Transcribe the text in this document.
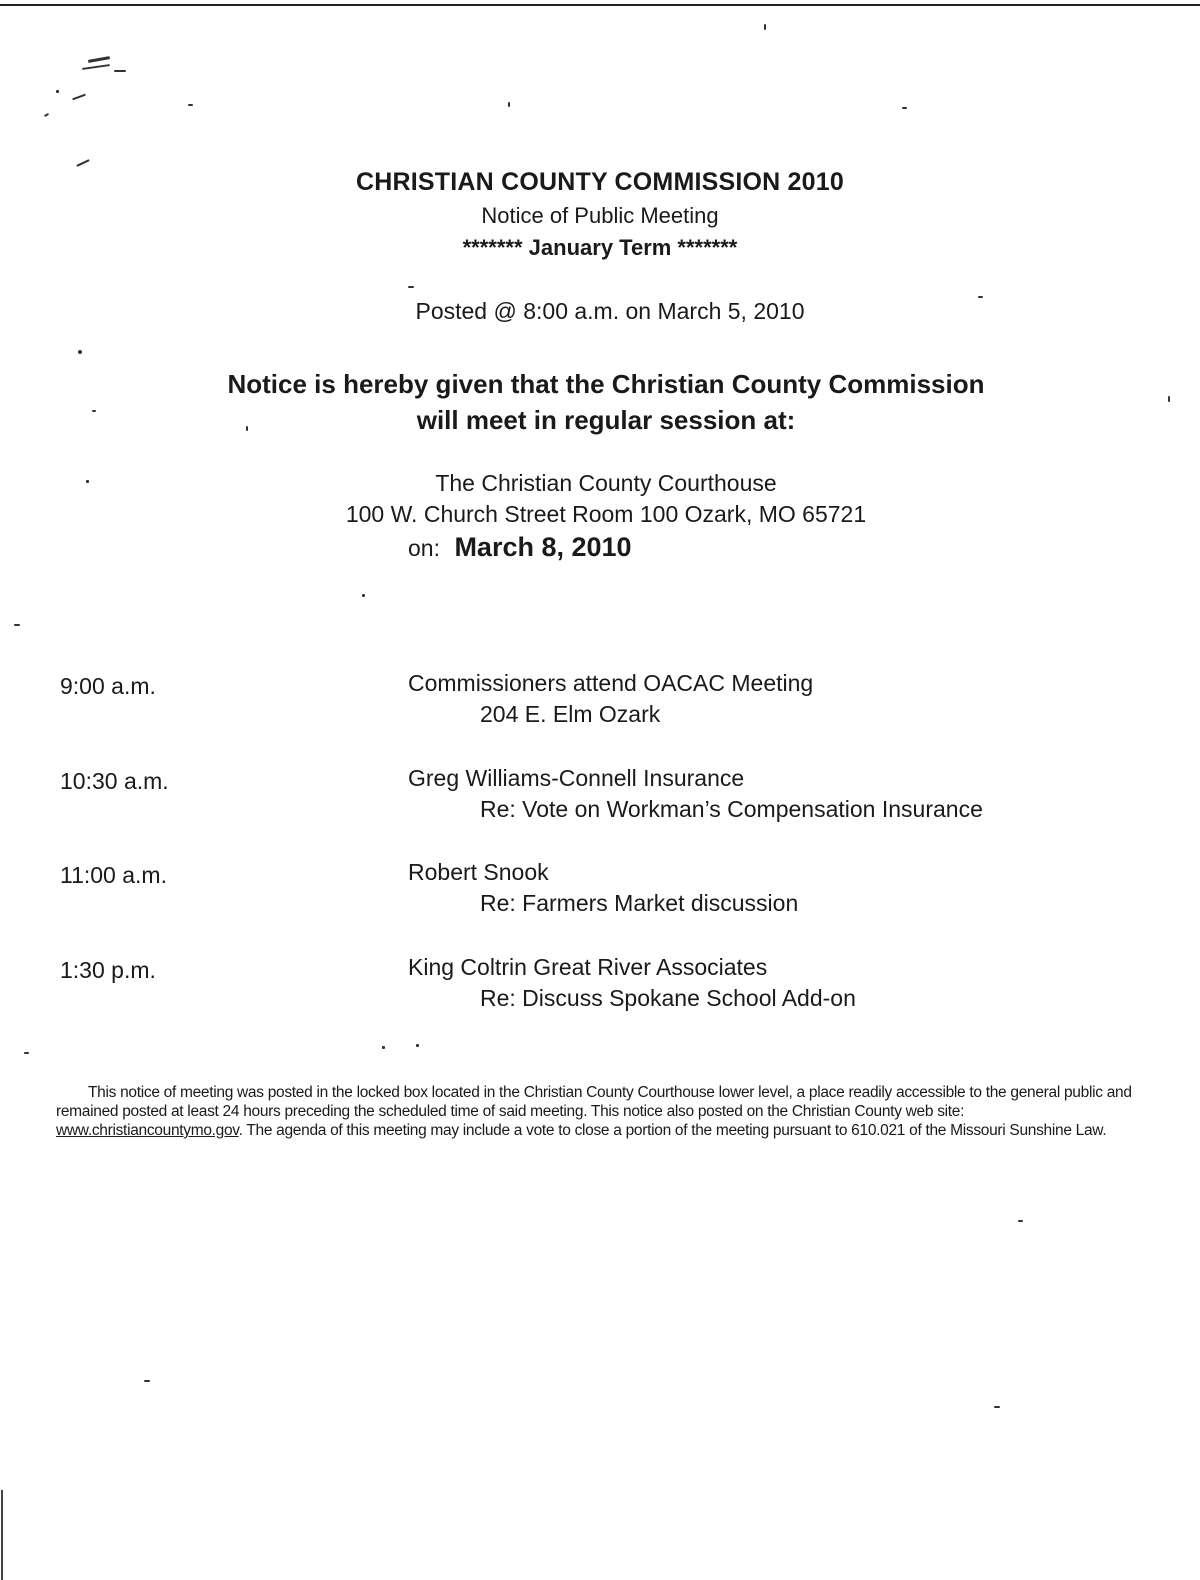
CHRISTIAN COUNTY COMMISSION 2010
Notice of Public Meeting
******* January Term *******
Posted @ 8:00 a.m. on March 5, 2010
Notice is hereby given that the Christian County Commission
will meet in regular session at:
The Christian County Courthouse
100 W. Church Street Room 100 Ozark, MO 65721
on: March 8, 2010
9:00 a.m.	Commissioners attend OACAC Meeting
204 E. Elm Ozark
10:30 a.m.	Greg Williams-Connell Insurance
Re: Vote on Workman’s Compensation Insurance
11:00 a.m.	Robert Snook
Re: Farmers Market discussion
1:30 p.m.	King Coltrin Great River Associates
Re: Discuss Spokane School Add-on
This notice of meeting was posted in the locked box located in the Christian County Courthouse lower level, a place readily accessible to the general public and remained posted at least 24 hours preceding the scheduled time of said meeting. This notice also posted on the Christian County web site: www.christiancountymo.gov. The agenda of this meeting may include a vote to close a portion of the meeting pursuant to 610.021 of the Missouri Sunshine Law.
